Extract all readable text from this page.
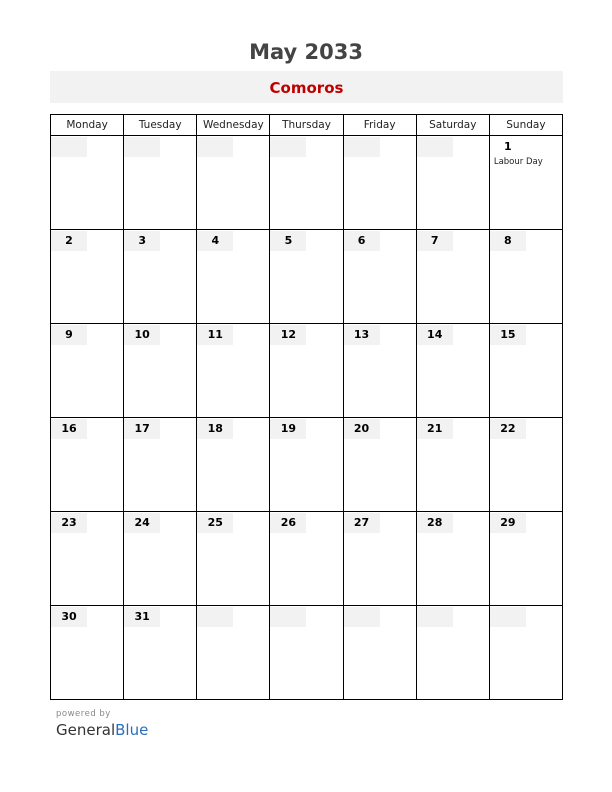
May 2033
Comoros
Monday	Tuesday	Wednesday	Thursday	Friday	Saturday	Sunday

						1
Labour Day

2	3	4	5	6	7	8

9	10	11	12	13	14	15

16	17	18	19	20	21	22

23	24	25	26	27	28	29

30	31					

powered by
GeneralBlue
